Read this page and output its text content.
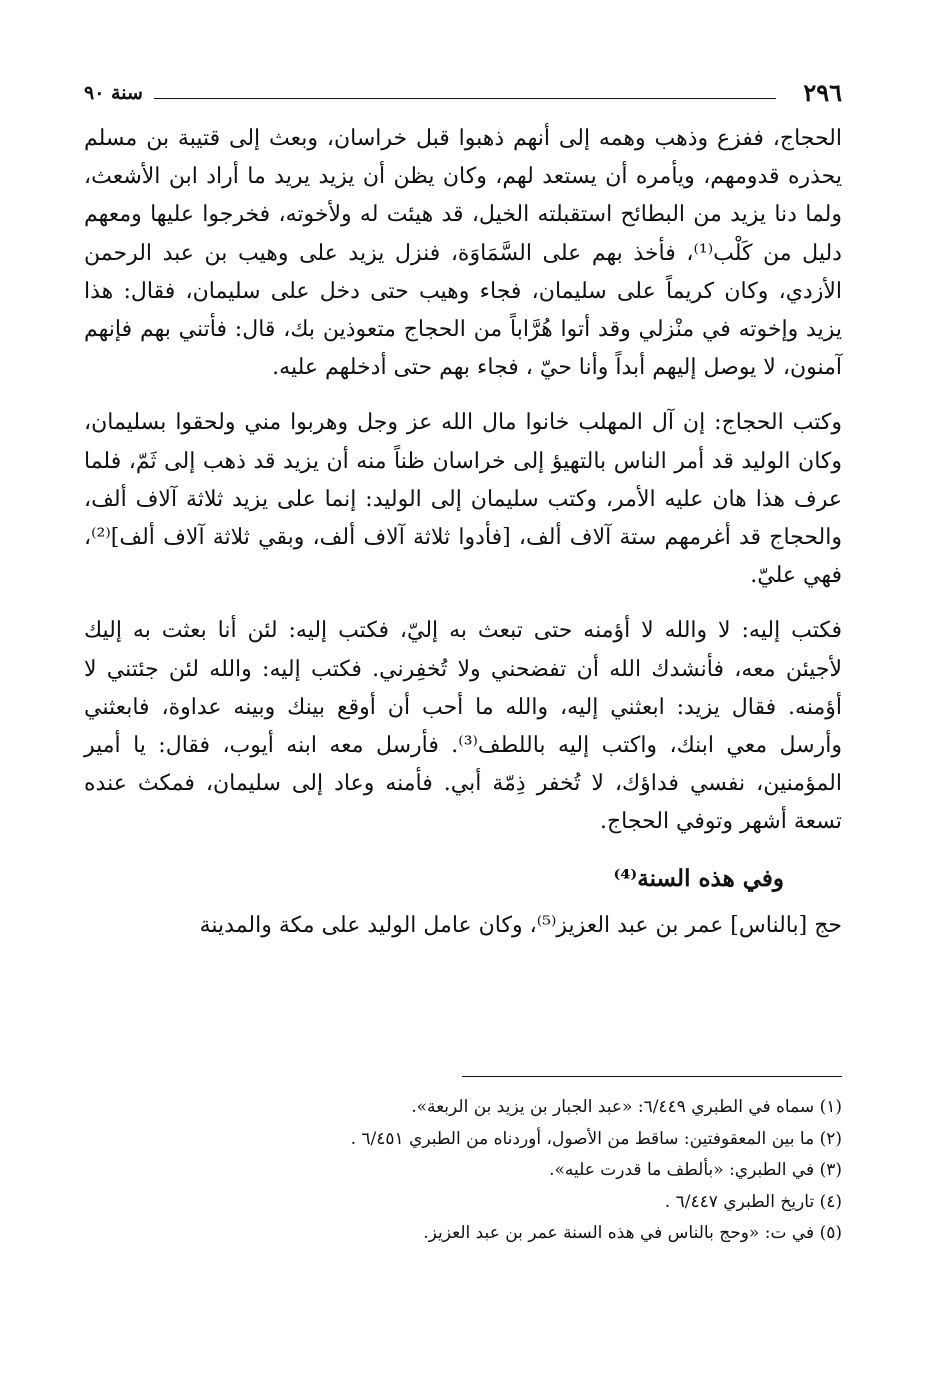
٢٩٦
سنة ٩٠

الحجاج، ففزع وذهب وهمه إلى أنهم ذهبوا قبل خراسان، وبعث إلى قتيبة بن مسلم يحذره قدومهم، ويأمره أن يستعد لهم، وكان يظن أن يزيد يريد ما أراد ابن الأشعث، ولما دنا يزيد من البطائح استقبلته الخيل، قد هيئت له ولأخوته، فخرجوا عليها ومعهم دليل من كَلْب⁽¹⁾، فأخذ بهم على السَّمَاوَة، فنزل يزيد على وهيب بن عبد الرحمن الأزدي، وكان كريماً على سليمان، فجاء وهيب حتى دخل على سليمان، فقال: هذا يزيد وإخوته في منْزلي وقد أتوا هُرَّاباً من الحجاج متعوذين بك، قال: فأتني بهم فإنهم آمنون، لا يوصل إليهم أبداً وأنا حيّ ، فجاء بهم حتى أدخلهم عليه.

وكتب الحجاج: إن آل المهلب خانوا مال الله عز وجل وهربوا مني ولحقوا بسليمان، وكان الوليد قد أمر الناس بالتهيؤ إلى خراسان ظناً منه أن يزيد قد ذهب إلى ثَمّ، فلما عرف هذا هان عليه الأمر، وكتب سليمان إلى الوليد: إنما على يزيد ثلاثة آلاف ألف، والحجاج قد أغرمهم ستة آلاف ألف، [فأدوا ثلاثة آلاف ألف، وبقي ثلاثة آلاف ألف]⁽²⁾، فهي عليّ.

فكتب إليه: لا والله لا أؤمنه حتى تبعث به إليّ، فكتب إليه: لئن أنا بعثت به إليك لأجيئن معه، فأنشدك الله أن تفضحني ولا تُخفِرني. فكتب إليه: والله لئن جئتني لا أؤمنه. فقال يزيد: ابعثني إليه، والله ما أحب أن أوقع بينك وبينه عداوة، فابعثني وأرسل معي ابنك، واكتب إليه باللطف⁽³⁾. فأرسل معه ابنه أيوب، فقال: يا أمير المؤمنين، نفسي فداؤك، لا تُخفر ذِمّة أبي. فأمنه وعاد إلى سليمان، فمكث عنده تسعة أشهر وتوفي الحجاج.

وفي هذه السنة⁽⁴⁾

حج [بالناس] عمر بن عبد العزيز⁽⁵⁾، وكان عامل الوليد على مكة والمدينة

(١) سماه في الطبري ٦/٤٤٩: «عبد الجبار بن يزيد بن الربعة».

(٢) ما بين المعقوفتين: ساقط من الأصول، أوردناه من الطبري ٦/٤٥١ .

(٣) في الطبري: «بألطف ما قدرت عليه».

(٤) تاريخ الطبري ٦/٤٤٧ .

(٥) في ت: «وحج بالناس في هذه السنة عمر بن عبد العزيز.
